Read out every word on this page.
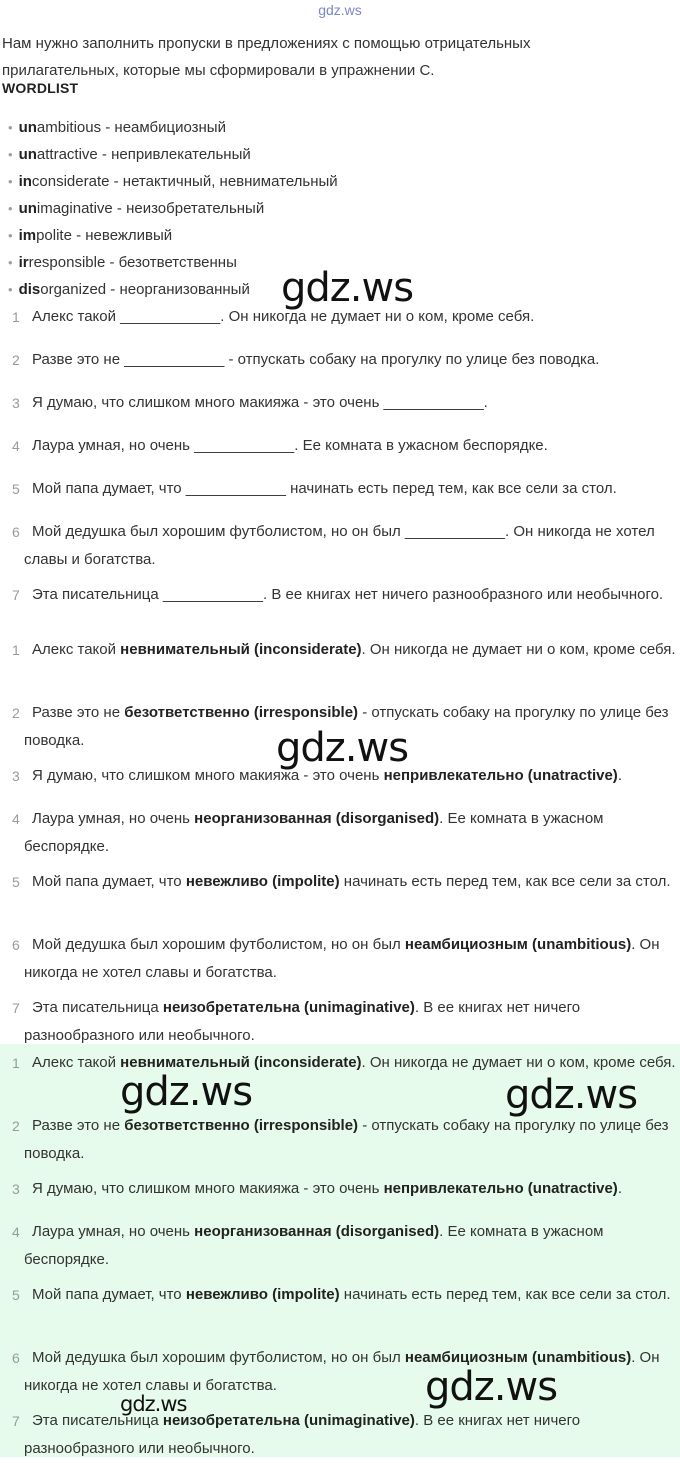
gdz.ws
Нам нужно заполнить пропуски в предложениях с помощью отрицательных прилагательных, которые мы сформировали в упражнении С.
WORDLIST
• unambitious - неамбициозный
• unattractive - непривлекательный
• inconsiderate - нетактичный, невнимательный
• unimaginative - неизобретательный
• impolite - невежливый
• irresponsible - безответственны
• disorganized - неорганизованный
1 Алекс такой ____________. Он никогда не думает ни о ком, кроме себя.
2 Разве это не ____________ - отпускать собаку на прогулку по улице без поводка.
3 Я думаю, что слишком много макияжа - это очень ____________.
4 Лаура умная, но очень ____________. Ее комната в ужасном беспорядке.
5 Мой папа думает, что ____________ начинать есть перед тем, как все сели за стол.
6 Мой дедушка был хорошим футболистом, но он был ____________. Он никогда не хотел славы и богатства.
7 Эта писательница ____________. В ее книгах нет ничего разнообразного или необычного.
1 Алекс такой невнимательный (inconsiderate). Он никогда не думает ни о ком, кроме себя.
2 Разве это не безответственно (irresponsible) - отпускать собаку на прогулку по улице без поводка.
3 Я думаю, что слишком много макияжа - это очень непривлекательно (unatractive).
4 Лаура умная, но очень неорганизованная (disorganised). Ее комната в ужасном беспорядке.
5 Мой папа думает, что невежливо (impolite) начинать есть перед тем, как все сели за стол.
6 Мой дедушка был хорошим футболистом, но он был неамбициозным (unambitious). Он никогда не хотел славы и богатства.
7 Эта писательница неизобретательна (unimaginative). В ее книгах нет ничего разнообразного или необычного.
1 Алекс такой невнимательный (inconsiderate). Он никогда не думает ни о ком, кроме себя.
2 Разве это не безответственно (irresponsible) - отпускать собаку на прогулку по улице без поводка.
3 Я думаю, что слишком много макияжа - это очень непривлекательно (unatractive).
4 Лаура умная, но очень неорганизованная (disorganised). Ее комната в ужасном беспорядке.
5 Мой папа думает, что невежливо (impolite) начинать есть перед тем, как все сели за стол.
6 Мой дедушка был хорошим футболистом, но он был неамбициозным (unambitious). Он никогда не хотел славы и богатства.
7 Эта писательница неизобретательна (unimaginative). В ее книгах нет ничего разнообразного или необычного.
gdz.ws
gdz.ws
gdz.ws	gdz.ws
gdz.ws
gdz.ws
